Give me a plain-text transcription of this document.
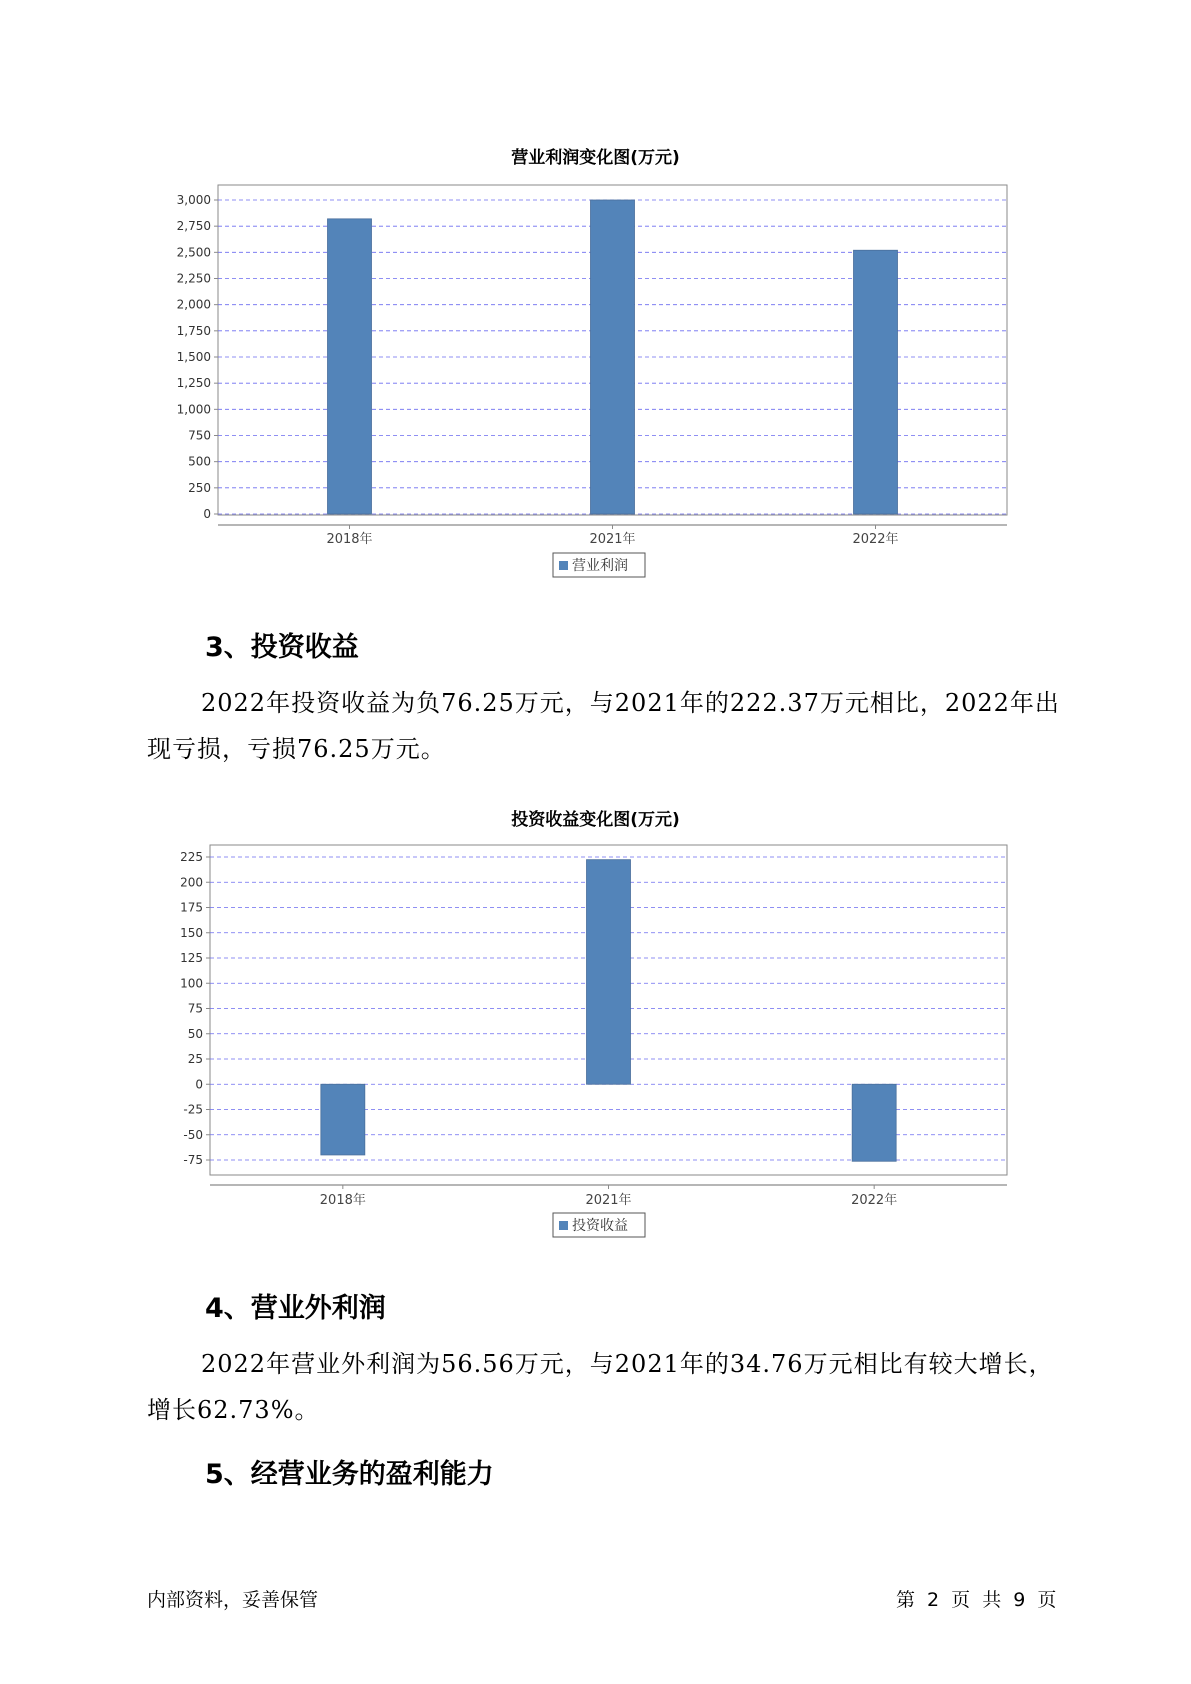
营业利润变化图(万元)
0
250
500
750
1,000
1,250
1,500
1,750
2,000
2,250
2,500
2,750
3,000
2018年	2021年	2022年
营业利润
3、投资收益

2022年投资收益为负76.25万元，与2021年的222.37万元相比，2022年出现亏损，亏损76.25万元。

投资收益变化图(万元)
-75
-50
-25
0
25
50
75
100
125
150
175
200
225
2018年	2021年	2022年
投资收益
4、营业外利润

2022年营业外利润为56.56万元，与2021年的34.76万元相比有较大增长，增长62.73%。

5、经营业务的盈利能力
内部资料，妥善保管	第 2 页 共 9 页
